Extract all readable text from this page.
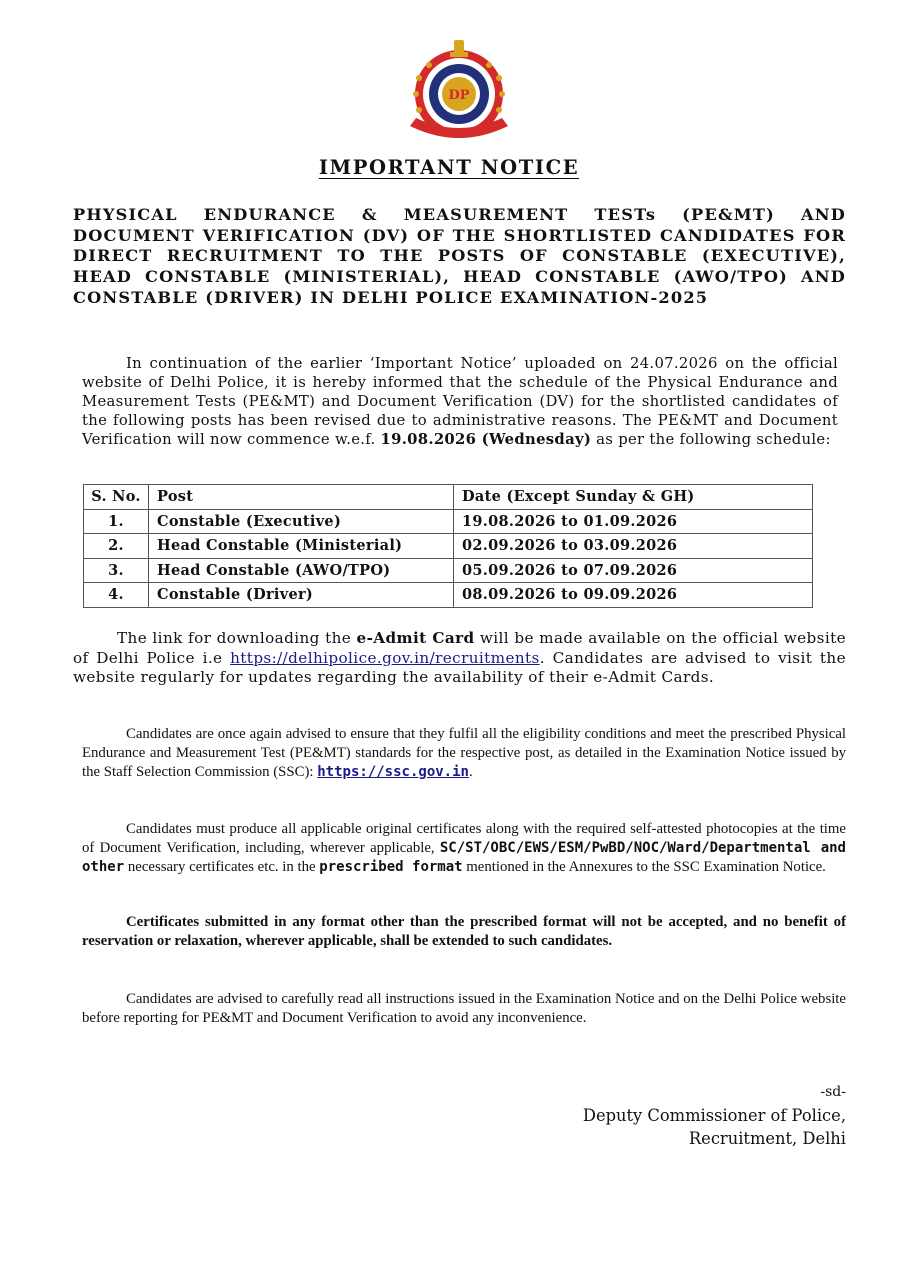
DP
IMPORTANT NOTICE

PHYSICAL ENDURANCE & MEASUREMENT TESTs (PE&MT) AND DOCUMENT VERIFICATION (DV) OF THE SHORTLISTED CANDIDATES FOR DIRECT RECRUITMENT TO THE POSTS OF CONSTABLE (EXECUTIVE), HEAD CONSTABLE (MINISTERIAL), HEAD CONSTABLE (AWO/TPO) AND CONSTABLE (DRIVER) IN DELHI POLICE EXAMINATION-2025

In continuation of the earlier ‘Important Notice’ uploaded on 24.07.2026 on the official website of Delhi Police, it is hereby informed that the schedule of the Physical Endurance and Measurement Tests (PE&MT) and Document Verification (DV) for the shortlisted candidates of the following posts has been revised due to administrative reasons. The PE&MT and Document Verification will now commence w.e.f. 19.08.2026 (Wednesday) as per the following schedule:
S. No.	Post	Date (Except Sunday & GH)
1.	Constable (Executive)	19.08.2026 to 01.09.2026
2.	Head Constable (Ministerial)	02.09.2026 to 03.09.2026
3.	Head Constable (AWO/TPO)	05.09.2026 to 07.09.2026
4.	Constable (Driver)	08.09.2026 to 09.09.2026
The link for downloading the e-Admit Card will be made available on the official website of Delhi Police i.e https://delhipolice.gov.in/recruitments. Candidates are advised to visit the website regularly for updates regarding the availability of their e-Admit Cards.
Candidates are once again advised to ensure that they fulfil all the eligibility conditions and meet the prescribed Physical Endurance and Measurement Test (PE&MT) standards for the respective post, as detailed in the Examination Notice issued by the Staff Selection Commission (SSC): https://ssc.gov.in.
Candidates must produce all applicable original certificates along with the required self-attested photocopies at the time of Document Verification, including, wherever applicable, SC/ST/OBC/EWS/ESM/PwBD/NOC/Ward/Departmental and other necessary certificates etc. in the prescribed format mentioned in the Annexures to the SSC Examination Notice.
Certificates submitted in any format other than the prescribed format will not be accepted, and no benefit of reservation or relaxation, wherever applicable, shall be extended to such candidates.
Candidates are advised to carefully read all instructions issued in the Examination Notice and on the Delhi Police website before reporting for PE&MT and Document Verification to avoid any inconvenience.
-sd-
Deputy Commissioner of Police,
Recruitment, Delhi
